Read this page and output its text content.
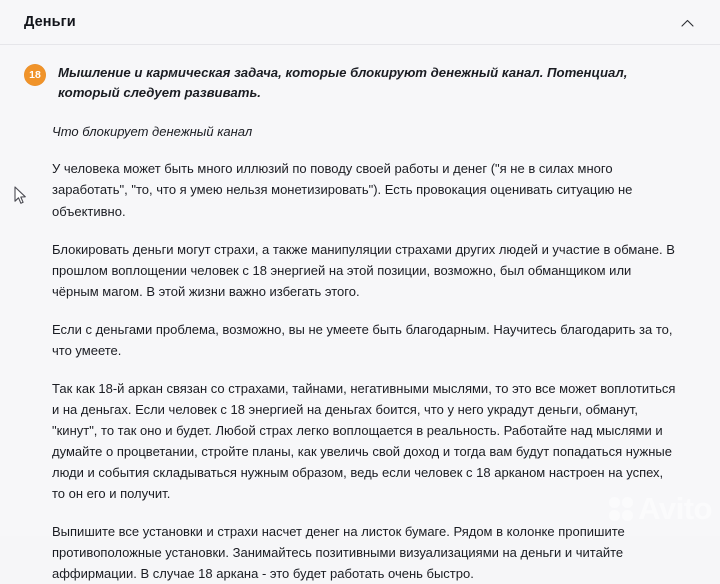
Деньги
18	Мышление и кармическая задача, которые блокируют денежный канал. Потенциал, который следует развивать.
Что блокирует денежный канал

У человека может быть много иллюзий по поводу своей работы и денег ("я не в силах много заработать", "то, что я умею нельзя монетизировать"). Есть провокация оценивать ситуацию не объективно.

Блокировать деньги могут страхи, а также манипуляции страхами других людей и участие в обмане. В прошлом воплощении человек с 18 энергией на этой позиции, возможно, был обманщиком или чёрным магом. В этой жизни важно избегать этого.

Если с деньгами проблема, возможно, вы не умеете быть благодарным. Научитесь благодарить за то, что умеете.

Так как 18-й аркан связан со страхами, тайнами, негативными мыслями, то это все может воплотиться и на деньгах. Если человек с 18 энергией на деньгах боится, что у него украдут деньги, обманут, "кинут", то так оно и будет. Любой страх легко воплощается в реальность. Работайте над мыслями и думайте о процветании, стройте планы, как увеличь свой доход и тогда вам будут попадаться нужные люди и события складываться нужным образом, ведь если человек с 18 арканом настроен на успех, то он его и получит.

Выпишите все установки и страхи насчет денег на листок бумаге. Рядом в колонке пропишите противоположные установки. Занимайтесь позитивными визуализациями на деньги и читайте аффирмации. В случае 18 аркана - это будет работать очень быстро.

Avito
